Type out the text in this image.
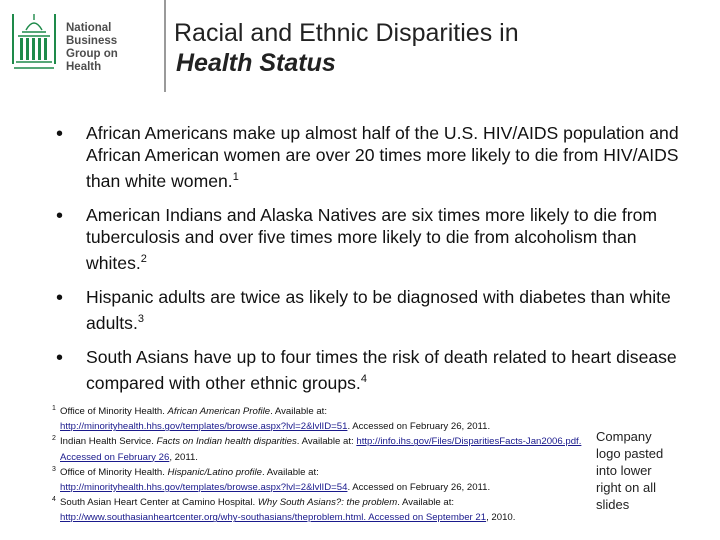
National
Business
Group on
Health
Racial and Ethnic Disparities in
Health Status
• African Americans make up almost half of the U.S. HIV/AIDS population and African American women are over 20 times more likely to die from HIV/AIDS than white women.$^1$
• American Indians and Alaska Natives are six times more likely to die from tuberculosis and over five times more likely to die from alcoholism than whites.$^2$
• Hispanic adults are twice as likely to be diagnosed with diabetes than white adults.$^3$
• South Asians have up to four times the risk of death related to heart disease compared with other ethnic groups.$^4$
1 Office of Minority Health. African American Profile. Available at:
http://minorityhealth.hhs.gov/templates/browse.aspx?lvl=2&lvlID=51. Accessed on February 26, 2011.
2 Indian Health Service. Facts on Indian health disparities. Available at: http://info.ihs.gov/Files/DisparitiesFacts-Jan2006.pdf. Accessed on February 26, 2011.
3 Office of Minority Health. Hispanic/Latino profile. Available at:
http://minorityhealth.hhs.gov/templates/browse.aspx?lvl=2&lvlID=54. Accessed on February 26, 2011.
4 South Asian Heart Center at Camino Hospital. Why South Asians?: the problem. Available at:
http://www.southasianheartcenter.org/why-southasians/theproblem.html. Accessed on September 21, 2010.
Company
logo pasted
into lower
right on all
slides
